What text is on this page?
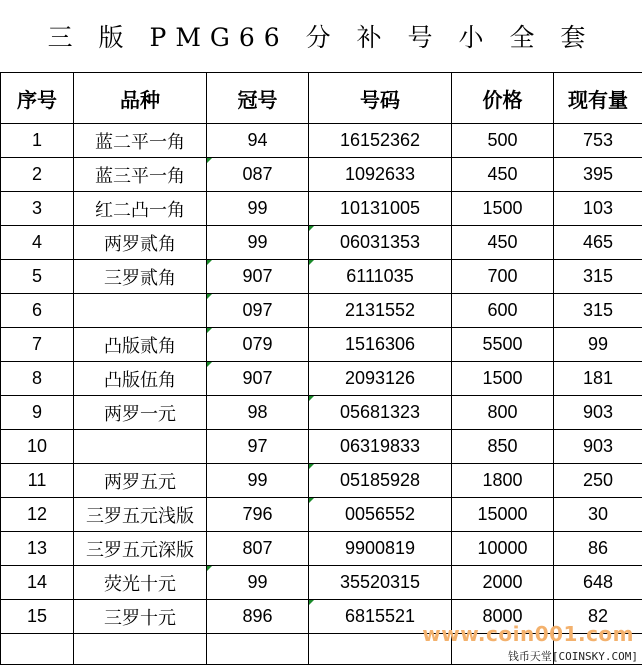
三 版 PMG66 分 补 号 小 全 套
序号	品种	冠号	号码	价格	现有量
1	蓝二平一角	94	16152362	500	753
2	蓝三平一角	087	1092633	450	395
3	红二凸一角	99	10131005	1500	103
4	两罗贰角	99	06031353	450	465
5	三罗贰角	907	6111035	700	315
6		097	2131552	600	315
7	凸版贰角	079	1516306	5500	99
8	凸版伍角	907	2093126	1500	181
9	两罗一元	98	05681323	800	903
10		97	06319833	850	903
11	两罗五元	99	05185928	1800	250
12	三罗五元浅版	796	0056552	15000	30
13	三罗五元深版	807	9900819	10000	86
14	荧光十元	99	35520315	2000	648
15	三罗十元	896	6815521	8000	82

www.coin001.com
钱币天堂[COINSKY.COM]
